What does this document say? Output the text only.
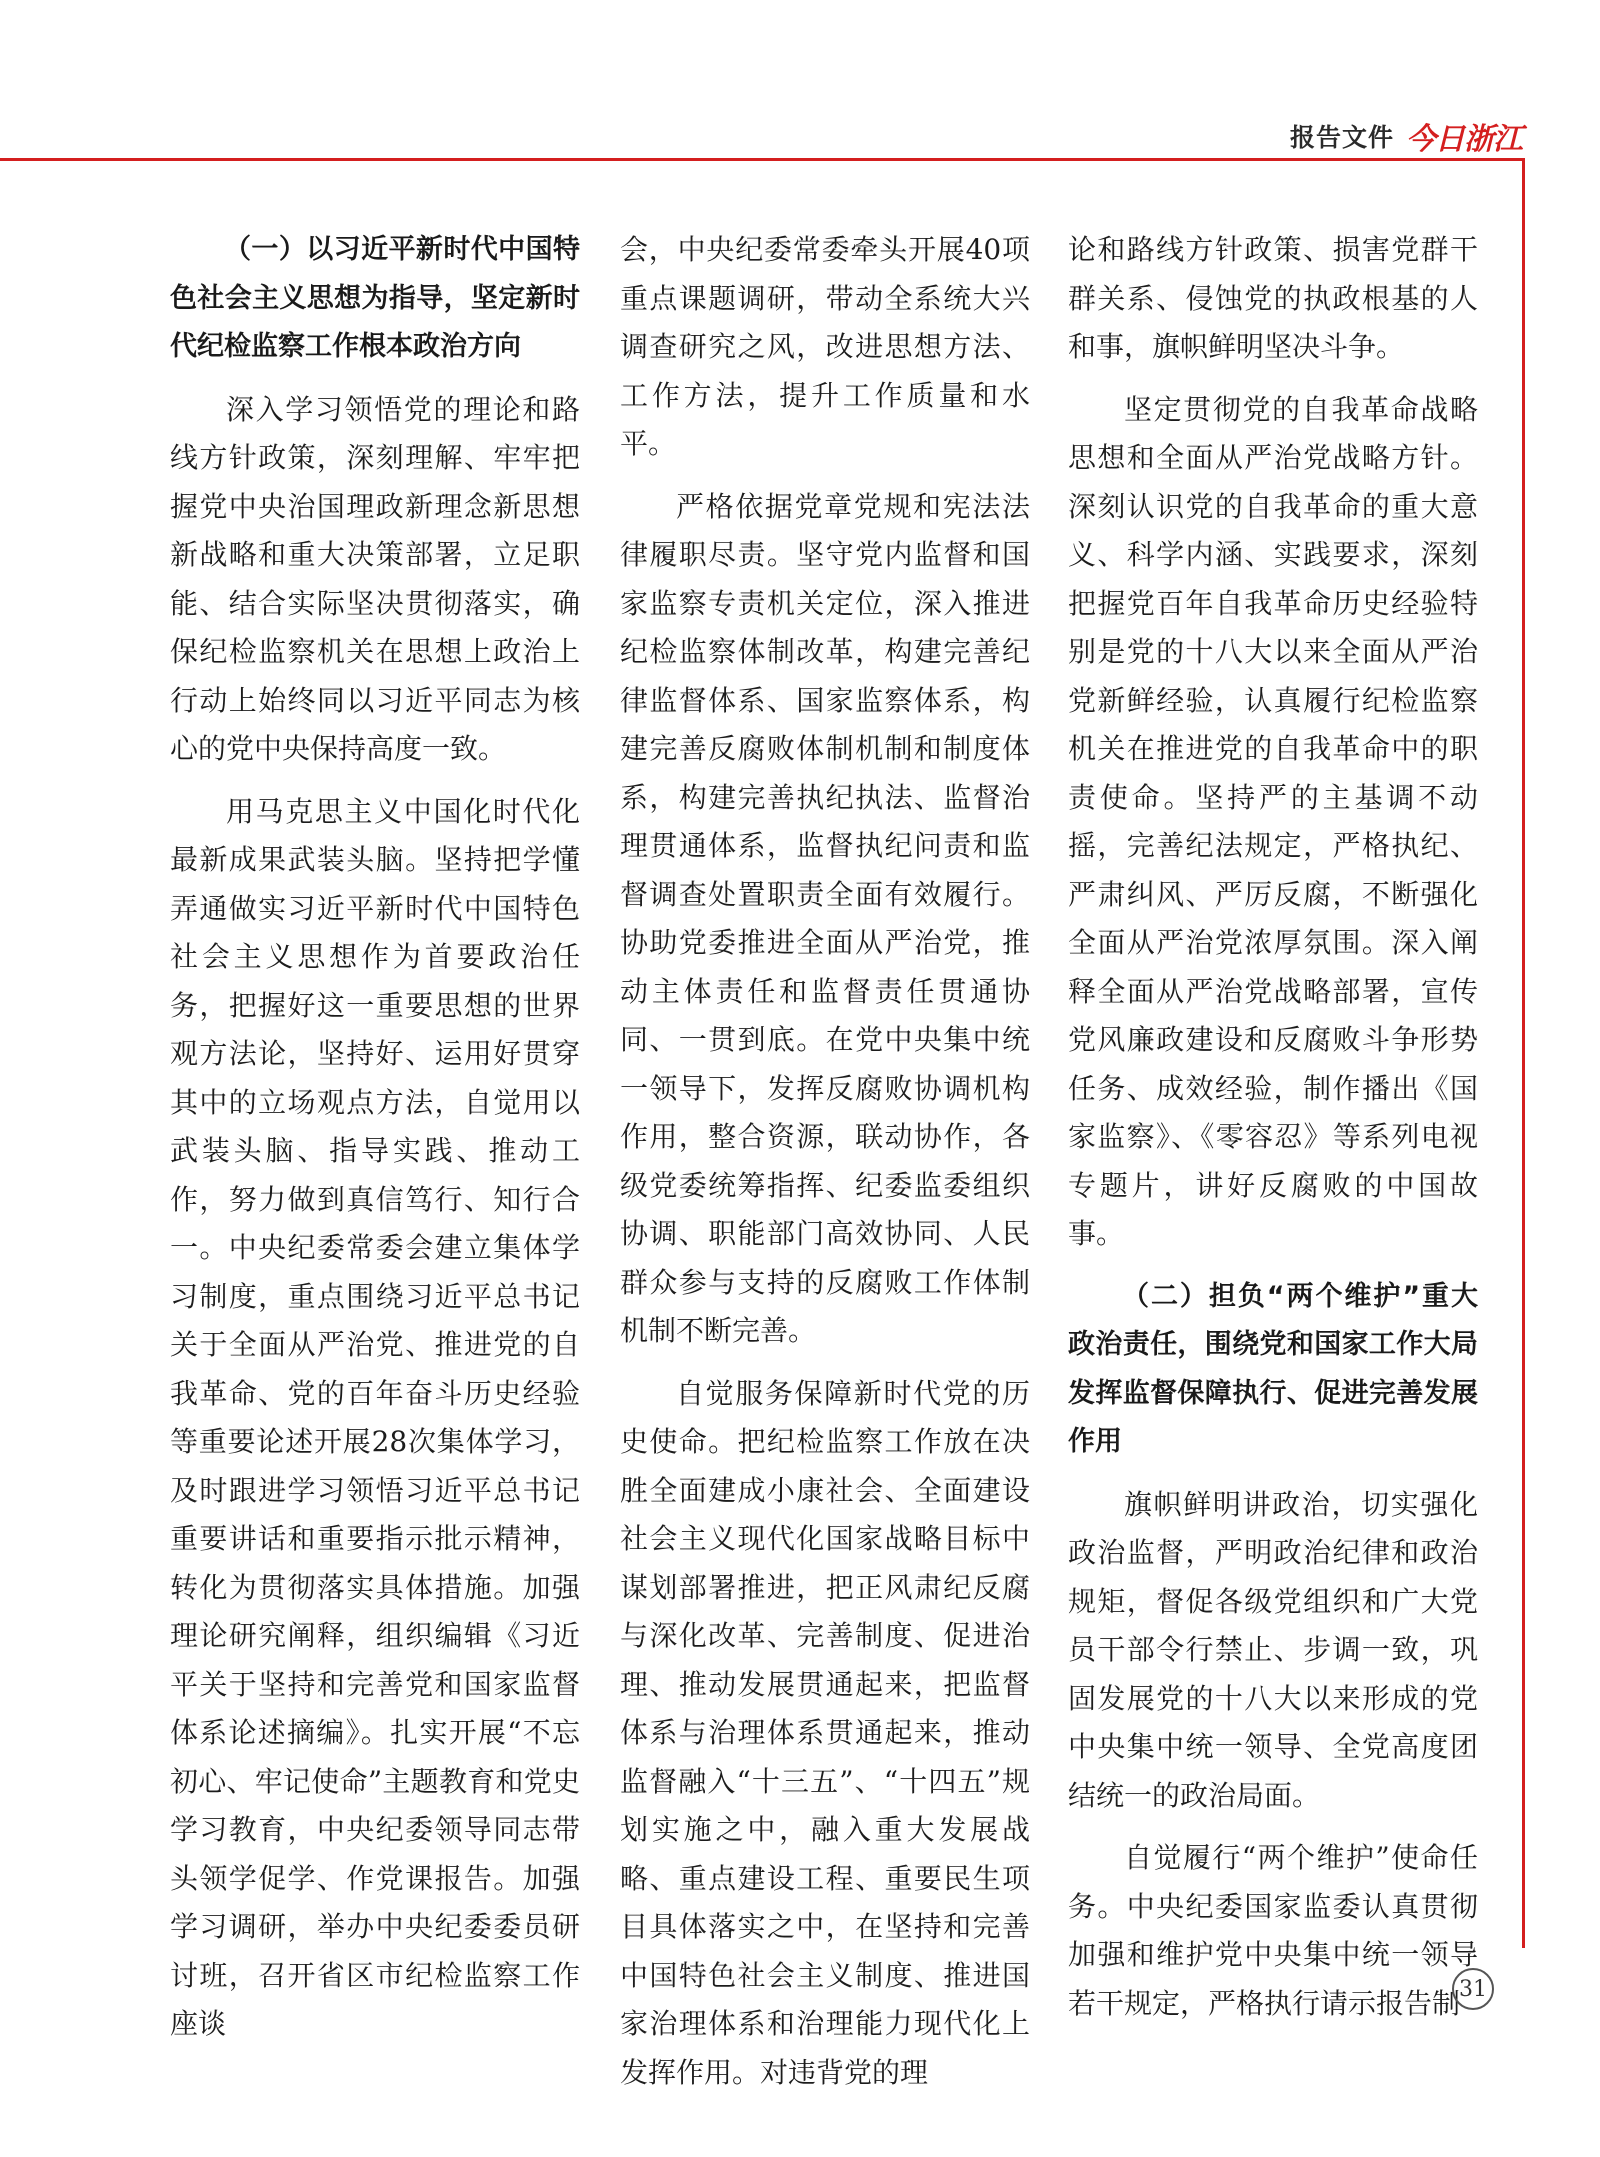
报告文件 今日浙江
（一）以习近平新时代中国特色社会主义思想为指导，坚定新时代纪检监察工作根本政治方向

深入学习领悟党的理论和路线方针政策，深刻理解、牢牢把握党中央治国理政新理念新思想新战略和重大决策部署，立足职能、结合实际坚决贯彻落实，确保纪检监察机关在思想上政治上行动上始终同以习近平同志为核心的党中央保持高度一致。

用马克思主义中国化时代化最新成果武装头脑。坚持把学懂弄通做实习近平新时代中国特色社会主义思想作为首要政治任务，把握好这一重要思想的世界观方法论，坚持好、运用好贯穿其中的立场观点方法，自觉用以武装头脑、指导实践、推动工作，努力做到真信笃行、知行合一。中央纪委常委会建立集体学习制度，重点围绕习近平总书记关于全面从严治党、推进党的自我革命、党的百年奋斗历史经验等重要论述开展28次集体学习，及时跟进学习领悟习近平总书记重要讲话和重要指示批示精神，转化为贯彻落实具体措施。加强理论研究阐释，组织编辑《习近平关于坚持和完善党和国家监督体系论述摘编》。扎实开展“不忘初心、牢记使命”主题教育和党史学习教育，中央纪委领导同志带头领学促学、作党课报告。加强学习调研，举办中央纪委委员研讨班，召开省区市纪检监察工作座谈

会，中央纪委常委牵头开展40项重点课题调研，带动全系统大兴调查研究之风，改进思想方法、工作方法，提升工作质量和水平。

严格依据党章党规和宪法法律履职尽责。坚守党内监督和国家监察专责机关定位，深入推进纪检监察体制改革，构建完善纪律监督体系、国家监察体系，构建完善反腐败体制机制和制度体系，构建完善执纪执法、监督治理贯通体系，监督执纪问责和监督调查处置职责全面有效履行。协助党委推进全面从严治党，推动主体责任和监督责任贯通协同、一贯到底。在党中央集中统一领导下，发挥反腐败协调机构作用，整合资源，联动协作，各级党委统筹指挥、纪委监委组织协调、职能部门高效协同、人民群众参与支持的反腐败工作体制机制不断完善。

自觉服务保障新时代党的历史使命。把纪检监察工作放在决胜全面建成小康社会、全面建设社会主义现代化国家战略目标中谋划部署推进，把正风肃纪反腐与深化改革、完善制度、促进治理、推动发展贯通起来，把监督体系与治理体系贯通起来，推动监督融入“十三五”、“十四五”规划实施之中，融入重大发展战略、重点建设工程、重要民生项目具体落实之中，在坚持和完善中国特色社会主义制度、推进国家治理体系和治理能力现代化上发挥作用。对违背党的理

论和路线方针政策、损害党群干群关系、侵蚀党的执政根基的人和事，旗帜鲜明坚决斗争。

坚定贯彻党的自我革命战略思想和全面从严治党战略方针。深刻认识党的自我革命的重大意义、科学内涵、实践要求，深刻把握党百年自我革命历史经验特别是党的十八大以来全面从严治党新鲜经验，认真履行纪检监察机关在推进党的自我革命中的职责使命。坚持严的主基调不动摇，完善纪法规定，严格执纪、严肃纠风、严厉反腐，不断强化全面从严治党浓厚氛围。深入阐释全面从严治党战略部署，宣传党风廉政建设和反腐败斗争形势任务、成效经验，制作播出《国家监察》、《零容忍》等系列电视专题片，讲好反腐败的中国故事。

（二）担负“两个维护”重大政治责任，围绕党和国家工作大局发挥监督保障执行、促进完善发展作用

旗帜鲜明讲政治，切实强化政治监督，严明政治纪律和政治规矩，督促各级党组织和广大党员干部令行禁止、步调一致，巩固发展党的十八大以来形成的党中央集中统一领导、全党高度团结统一的政治局面。

自觉履行“两个维护”使命任务。中央纪委国家监委认真贯彻加强和维护党中央集中统一领导若干规定，严格执行请示报告制

31
